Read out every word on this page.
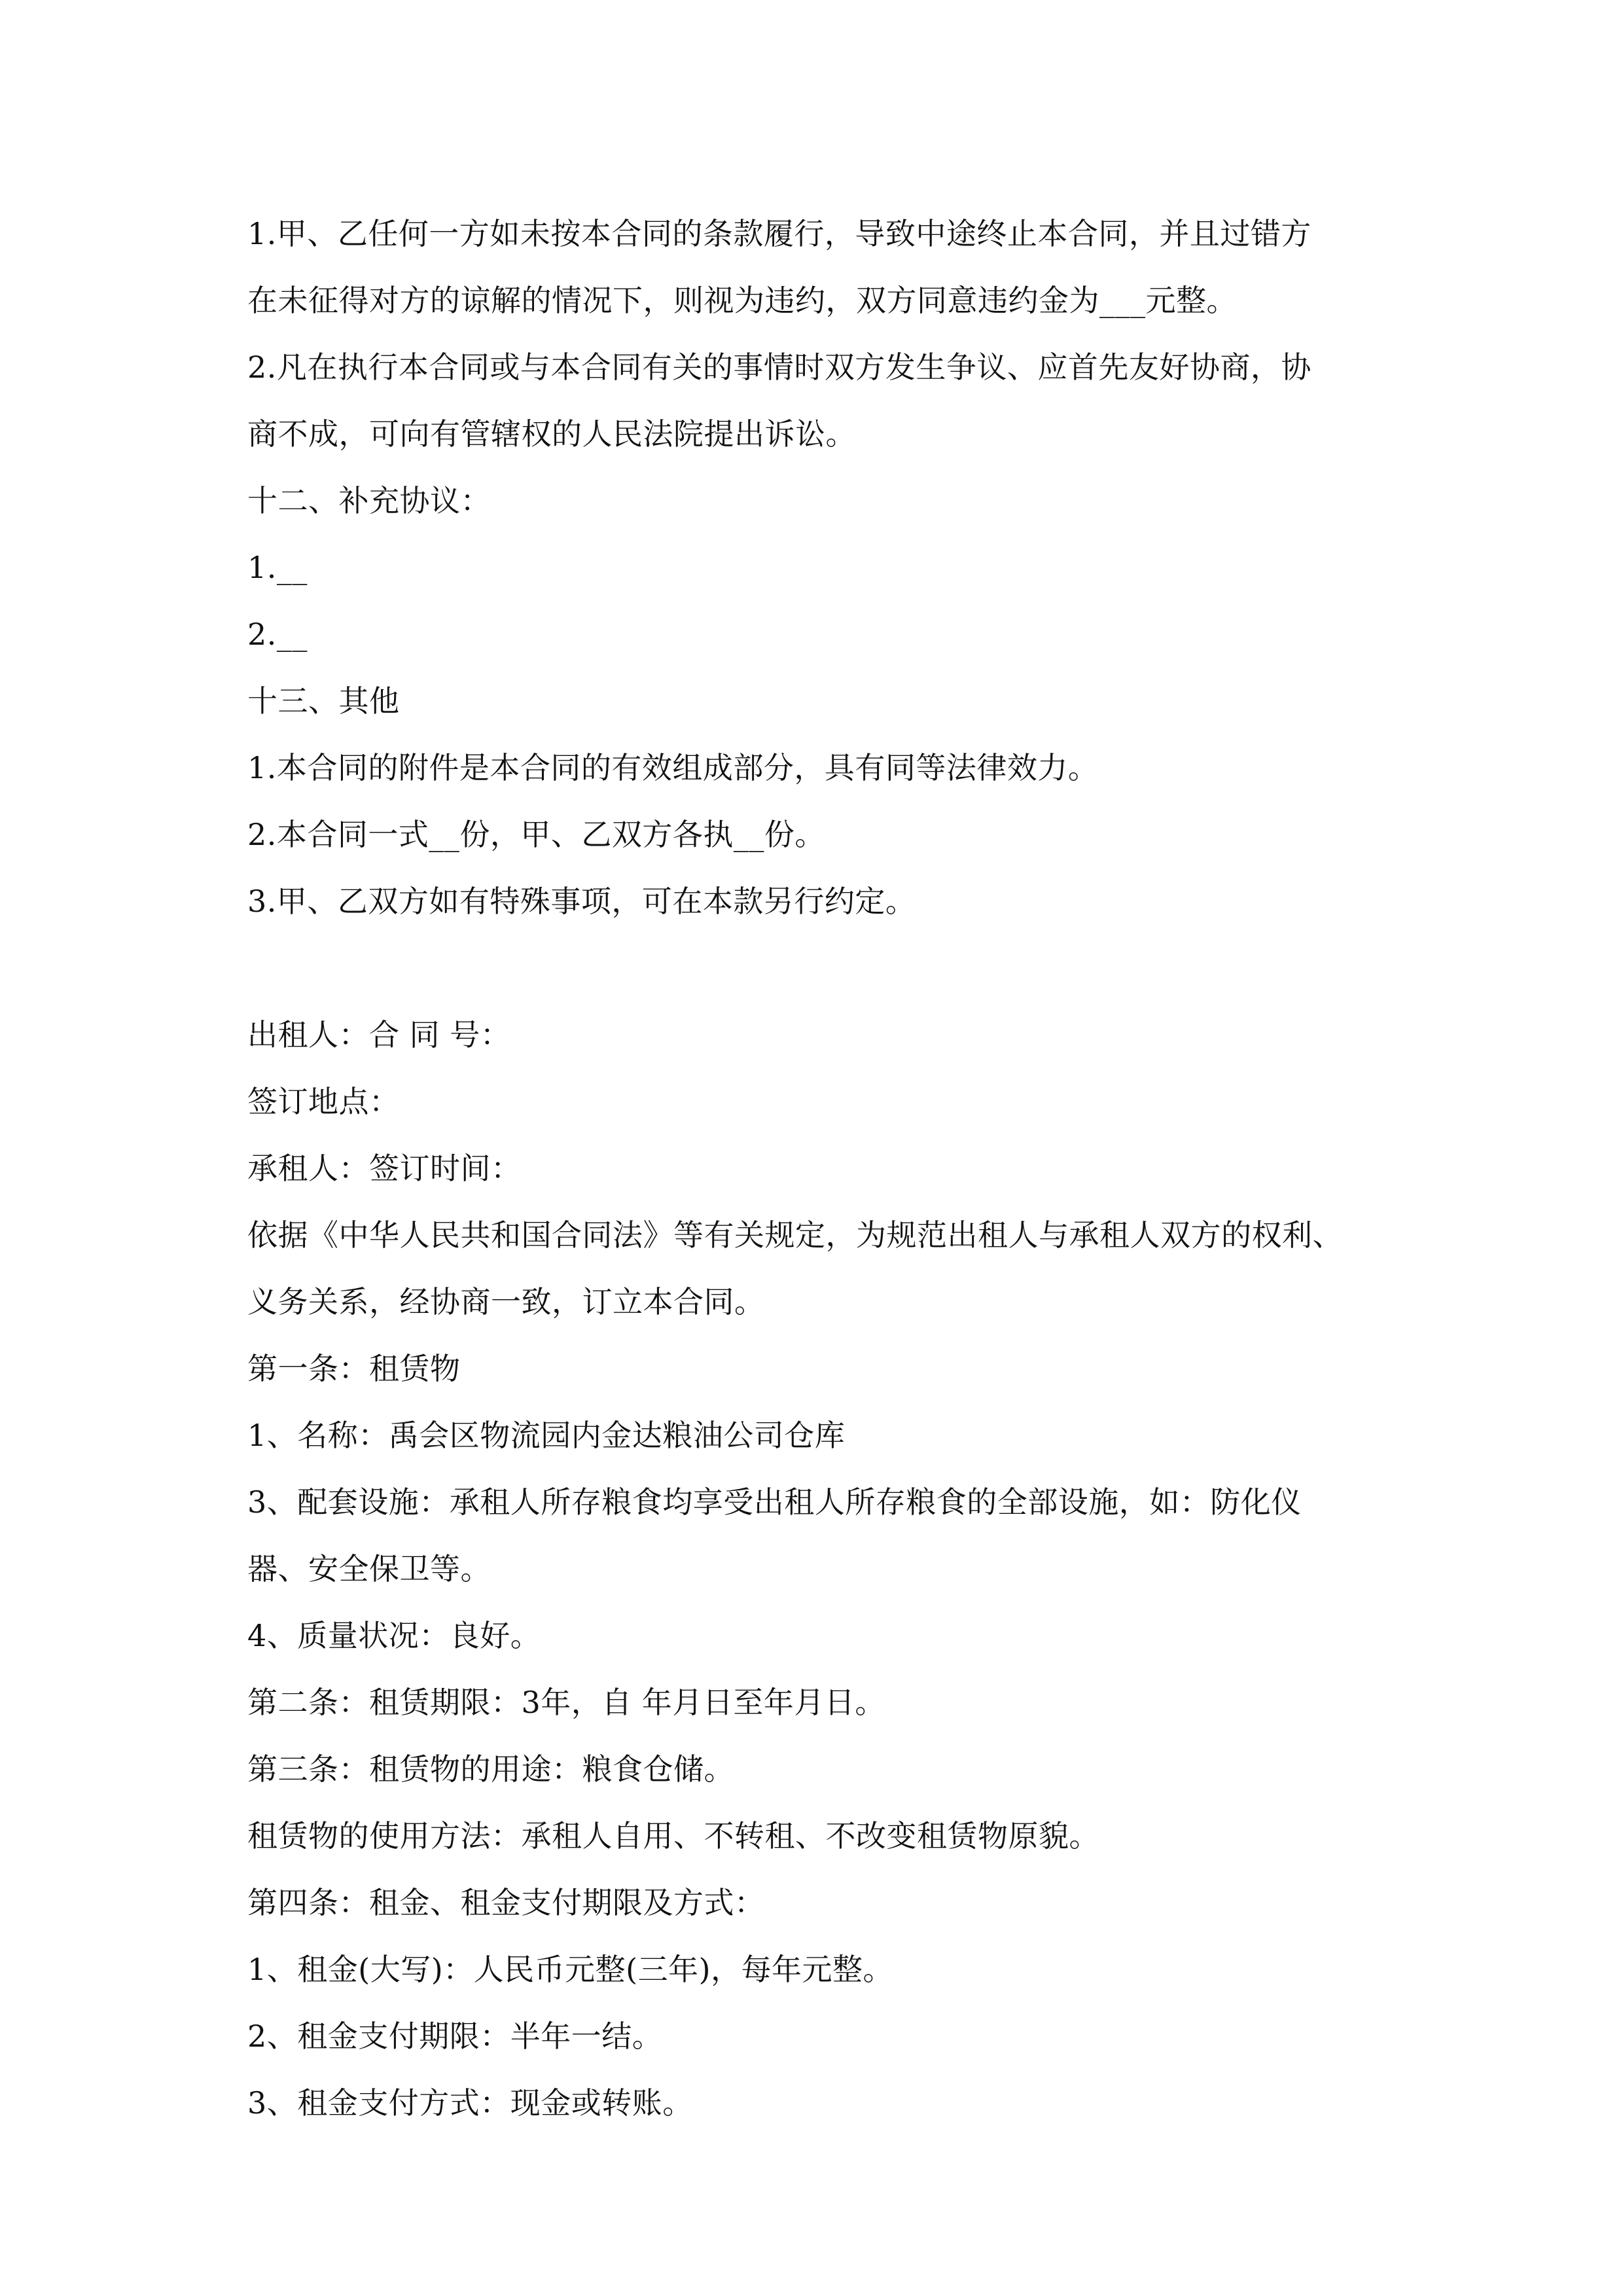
1.甲、乙任何一方如未按本合同的条款履行，导致中途终止本合同，并且过错方
在未征得对方的谅解的情况下，则视为违约，双方同意违约金为___元整。
2.凡在执行本合同或与本合同有关的事情时双方发生争议、应首先友好协商，协
商不成，可向有管辖权的人民法院提出诉讼。
十二、补充协议：
1.__
2.__
十三、其他
1.本合同的附件是本合同的有效组成部分，具有同等法律效力。
2.本合同一式__份，甲、乙双方各执__份。
3.甲、乙双方如有特殊事项，可在本款另行约定。
出租人：合 同 号：
签订地点：
承租人：签订时间：
依据《中华人民共和国合同法》等有关规定，为规范出租人与承租人双方的权利、
义务关系，经协商一致，订立本合同。
第一条：租赁物
1、名称：禹会区物流园内金达粮油公司仓库
3、配套设施：承租人所存粮食均享受出租人所存粮食的全部设施，如：防化仪
器、安全保卫等。
4、质量状况：良好。
第二条：租赁期限：3年，自 年月日至年月日。
第三条：租赁物的用途：粮食仓储。
租赁物的使用方法：承租人自用、不转租、不改变租赁物原貌。
第四条：租金、租金支付期限及方式：
1、租金(大写)：人民币元整(三年)，每年元整。
2、租金支付期限：半年一结。
3、租金支付方式：现金或转账。
